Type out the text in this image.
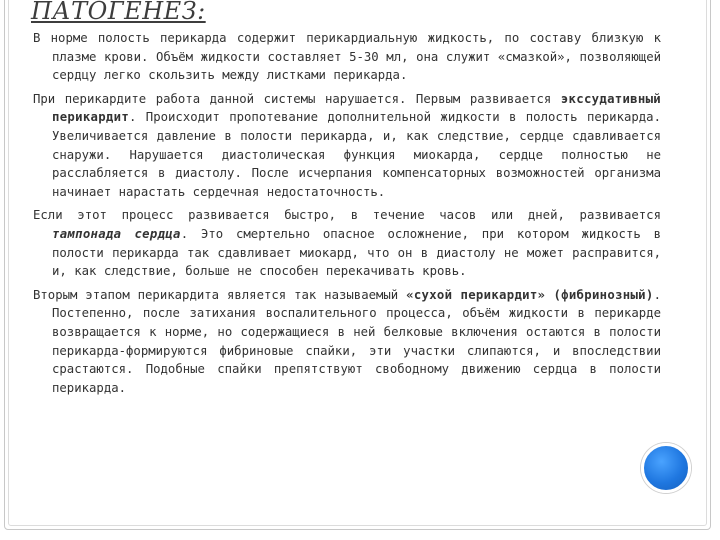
ПАТОГЕНЕЗ:

В норме полость перикарда содержит перикардиальную жидкость, по составу близкую к плазме крови. Объём жидкости составляет 5-30 мл, она служит «смазкой», позволяющей сердцу легко скользить между листками перикарда.

При перикардите работа данной системы нарушается. Первым развивается экссудативный перикардит. Происходит пропотевание дополнительной жидкости в полость перикарда. Увеличивается давление в полости перикарда, и, как следствие, сердце сдавливается снаружи. Нарушается диастолическая функция миокарда, сердце полностью не расслабляется в диастолу. После исчерпания компенсаторных возможностей организма начинает нарастать сердечная недостаточность.

Если этот процесс развивается быстро, в течение часов или дней, развивается тампонада сердца. Это смертельно опасное осложнение, при котором жидкость в полости перикарда так сдавливает миокард, что он в диастолу не может расправится, и, как следствие, больше не способен перекачивать кровь.

Вторым этапом перикардита является так называемый «сухой перикардит» (фибринозный). Постепенно, после затихания воспалительного процесса, объём жидкости в перикарде возвращается к норме, но содержащиеся в ней белковые включения остаются в полости перикарда-формируются фибриновые спайки, эти участки слипаются, и впоследствии срастаются. Подобные спайки препятствуют свободному движению сердца в полости перикарда.
